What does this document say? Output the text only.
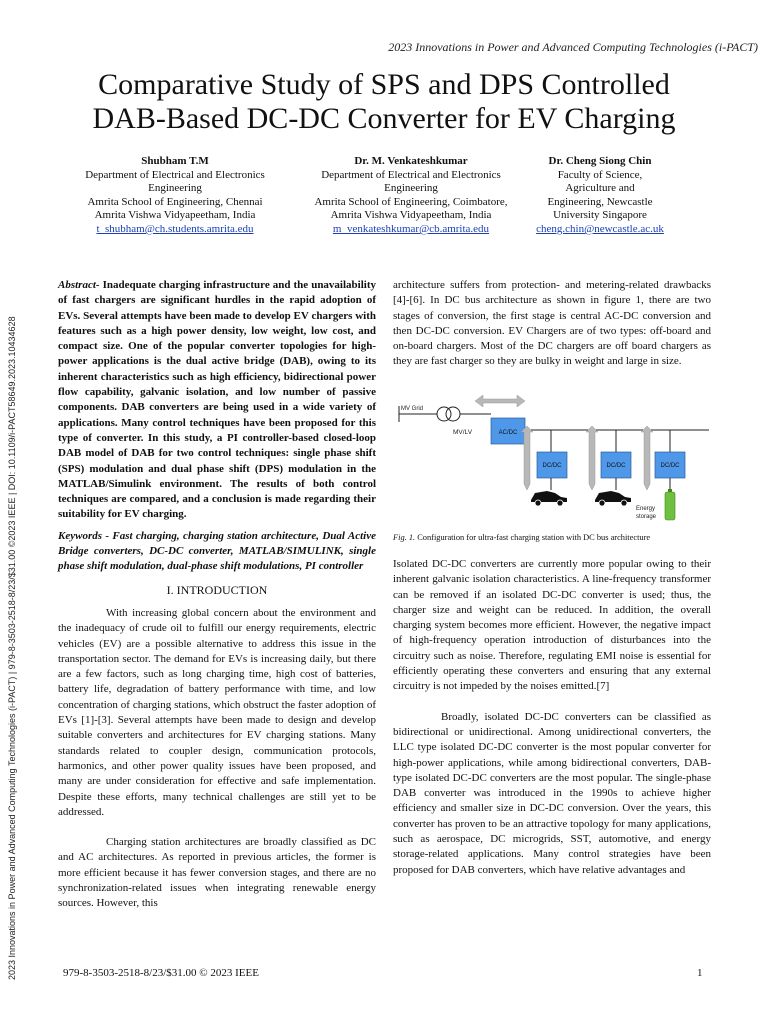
2023 Innovations in Power and Advanced Computing Technologies (i-PACT)
Comparative Study of SPS and DPS Controlled
DAB-Based DC-DC Converter for EV Charging
Shubham T.M
Department of Electrical and Electronics
Engineering
Amrita School of Engineering, Chennai
Amrita Vishwa Vidyapeetham, India
t_shubham@ch.students.amrita.edu
Dr. M. Venkateshkumar
Department of Electrical and Electronics
Engineering
Amrita School of Engineering, Coimbatore,
Amrita Vishwa Vidyapeetham, India
m_venkateshkumar@cb.amrita.edu
Dr. Cheng Siong Chin
Faculty of Science,
Agriculture and
Engineering, Newcastle
University Singapore
cheng.chin@newcastle.ac.uk
2023 Innovations in Power and Advanced Computing Technologies (i-PACT) | 979-8-3503-2518-8/23/$31.00 ©2023 IEEE | DOI: 10.1109/i-PACT58649.2023.10434628

Abstract- Inadequate charging infrastructure and the unavailability of fast chargers are significant hurdles in the rapid adoption of EVs. Several attempts have been made to develop EV chargers with features such as a high power density, low weight, low cost, and compact size. One of the popular converter topologies for high-power applications is the dual active bridge (DAB), owing to its inherent characteristics such as high efficiency, bidirectional power flow capability, galvanic isolation, and low number of passive components. DAB converters are being used in a wide variety of applications. Many control techniques have been proposed for this type of converter. In this study, a PI controller-based closed-loop DAB model of DAB for two control techniques: single phase shift (SPS) modulation and dual phase shift (DPS) modulation in the MATLAB/Simulink environment. The results of both control techniques are compared, and a conclusion is made regarding their suitability for EV charging.

Keywords - Fast charging, charging station architecture, Dual Active Bridge converters, DC-DC converter, MATLAB/SIMULINK, single phase shift modulation, dual-phase shift modulations, PI controller

I. INTRODUCTION

With increasing global concern about the environment and the inadequacy of crude oil to fulfill our energy requirements, electric vehicles (EV) are a possible alternative to address this issue in the transportation sector. The demand for EVs is increasing daily, but there are a few factors, such as long charging time, high cost of batteries, battery life, degradation of battery performance with time, and low concentration of charging stations, which obstruct the faster adoption of EVs [1]-[3]. Several attempts have been made to design and develop suitable converters and architectures for EV charging stations. Many standards related to coupler design, communication protocols, harmonics, and other power quality issues have been proposed, and many are under consideration for effective and safe implementation. Despite these efforts, many technical challenges are still yet to be addressed.

Charging station architectures are broadly classified as DC and AC architectures. As reported in previous articles, the former is more efficient because it has fewer conversion stages, and there are no synchronization-related issues when integrating renewable energy sources. However, this

architecture suffers from protection- and metering-related drawbacks [4]-[6]. In DC bus architecture as shown in figure 1, there are two stages of conversion, the first stage is central AC-DC conversion and then DC-DC conversion. EV Chargers are of two types: off-board and on-board chargers. Most of the DC chargers are off board chargers as they are fast charger so they are bulky in weight and large in size.

MV Grid
MV/LV	AC/DC
DC/DC	DC/DC	DC/DC
Energy
storage
Fig. 1. Configuration for ultra-fast charging station with DC bus architecture

Isolated DC-DC converters are currently more popular owing to their inherent galvanic isolation characteristics. A line-frequency transformer can be removed if an isolated DC-DC converter is used; thus, the charger size and weight can be reduced. In addition, the overall charging system becomes more efficient. However, the negative impact of high-frequency operation introduction of disturbances into the circuitry such as noise. Therefore, regulating EMI noise is essential for efficiently operating these converters and ensuring that any external circuitry is not impeded by the noises emitted.[7]

Broadly, isolated DC-DC converters can be classified as bidirectional or unidirectional. Among unidirectional converters, the LLC type isolated DC-DC converter is the most popular converter for high-power applications, while among bidirectional converters, DAB-type isolated DC-DC converters are the most popular. The single-phase DAB converter was introduced in the 1990s to achieve higher efficiency and smaller size in DC-DC conversion. Over the years, this converter has proven to be an attractive topology for many applications, such as aerospace, DC microgrids, SST, automotive, and energy storage-related applications. Many control strategies have been proposed for DAB converters, which have relative advantages and

979-8-3503-2518-8/23/$31.00 © 2023 IEEE	1
